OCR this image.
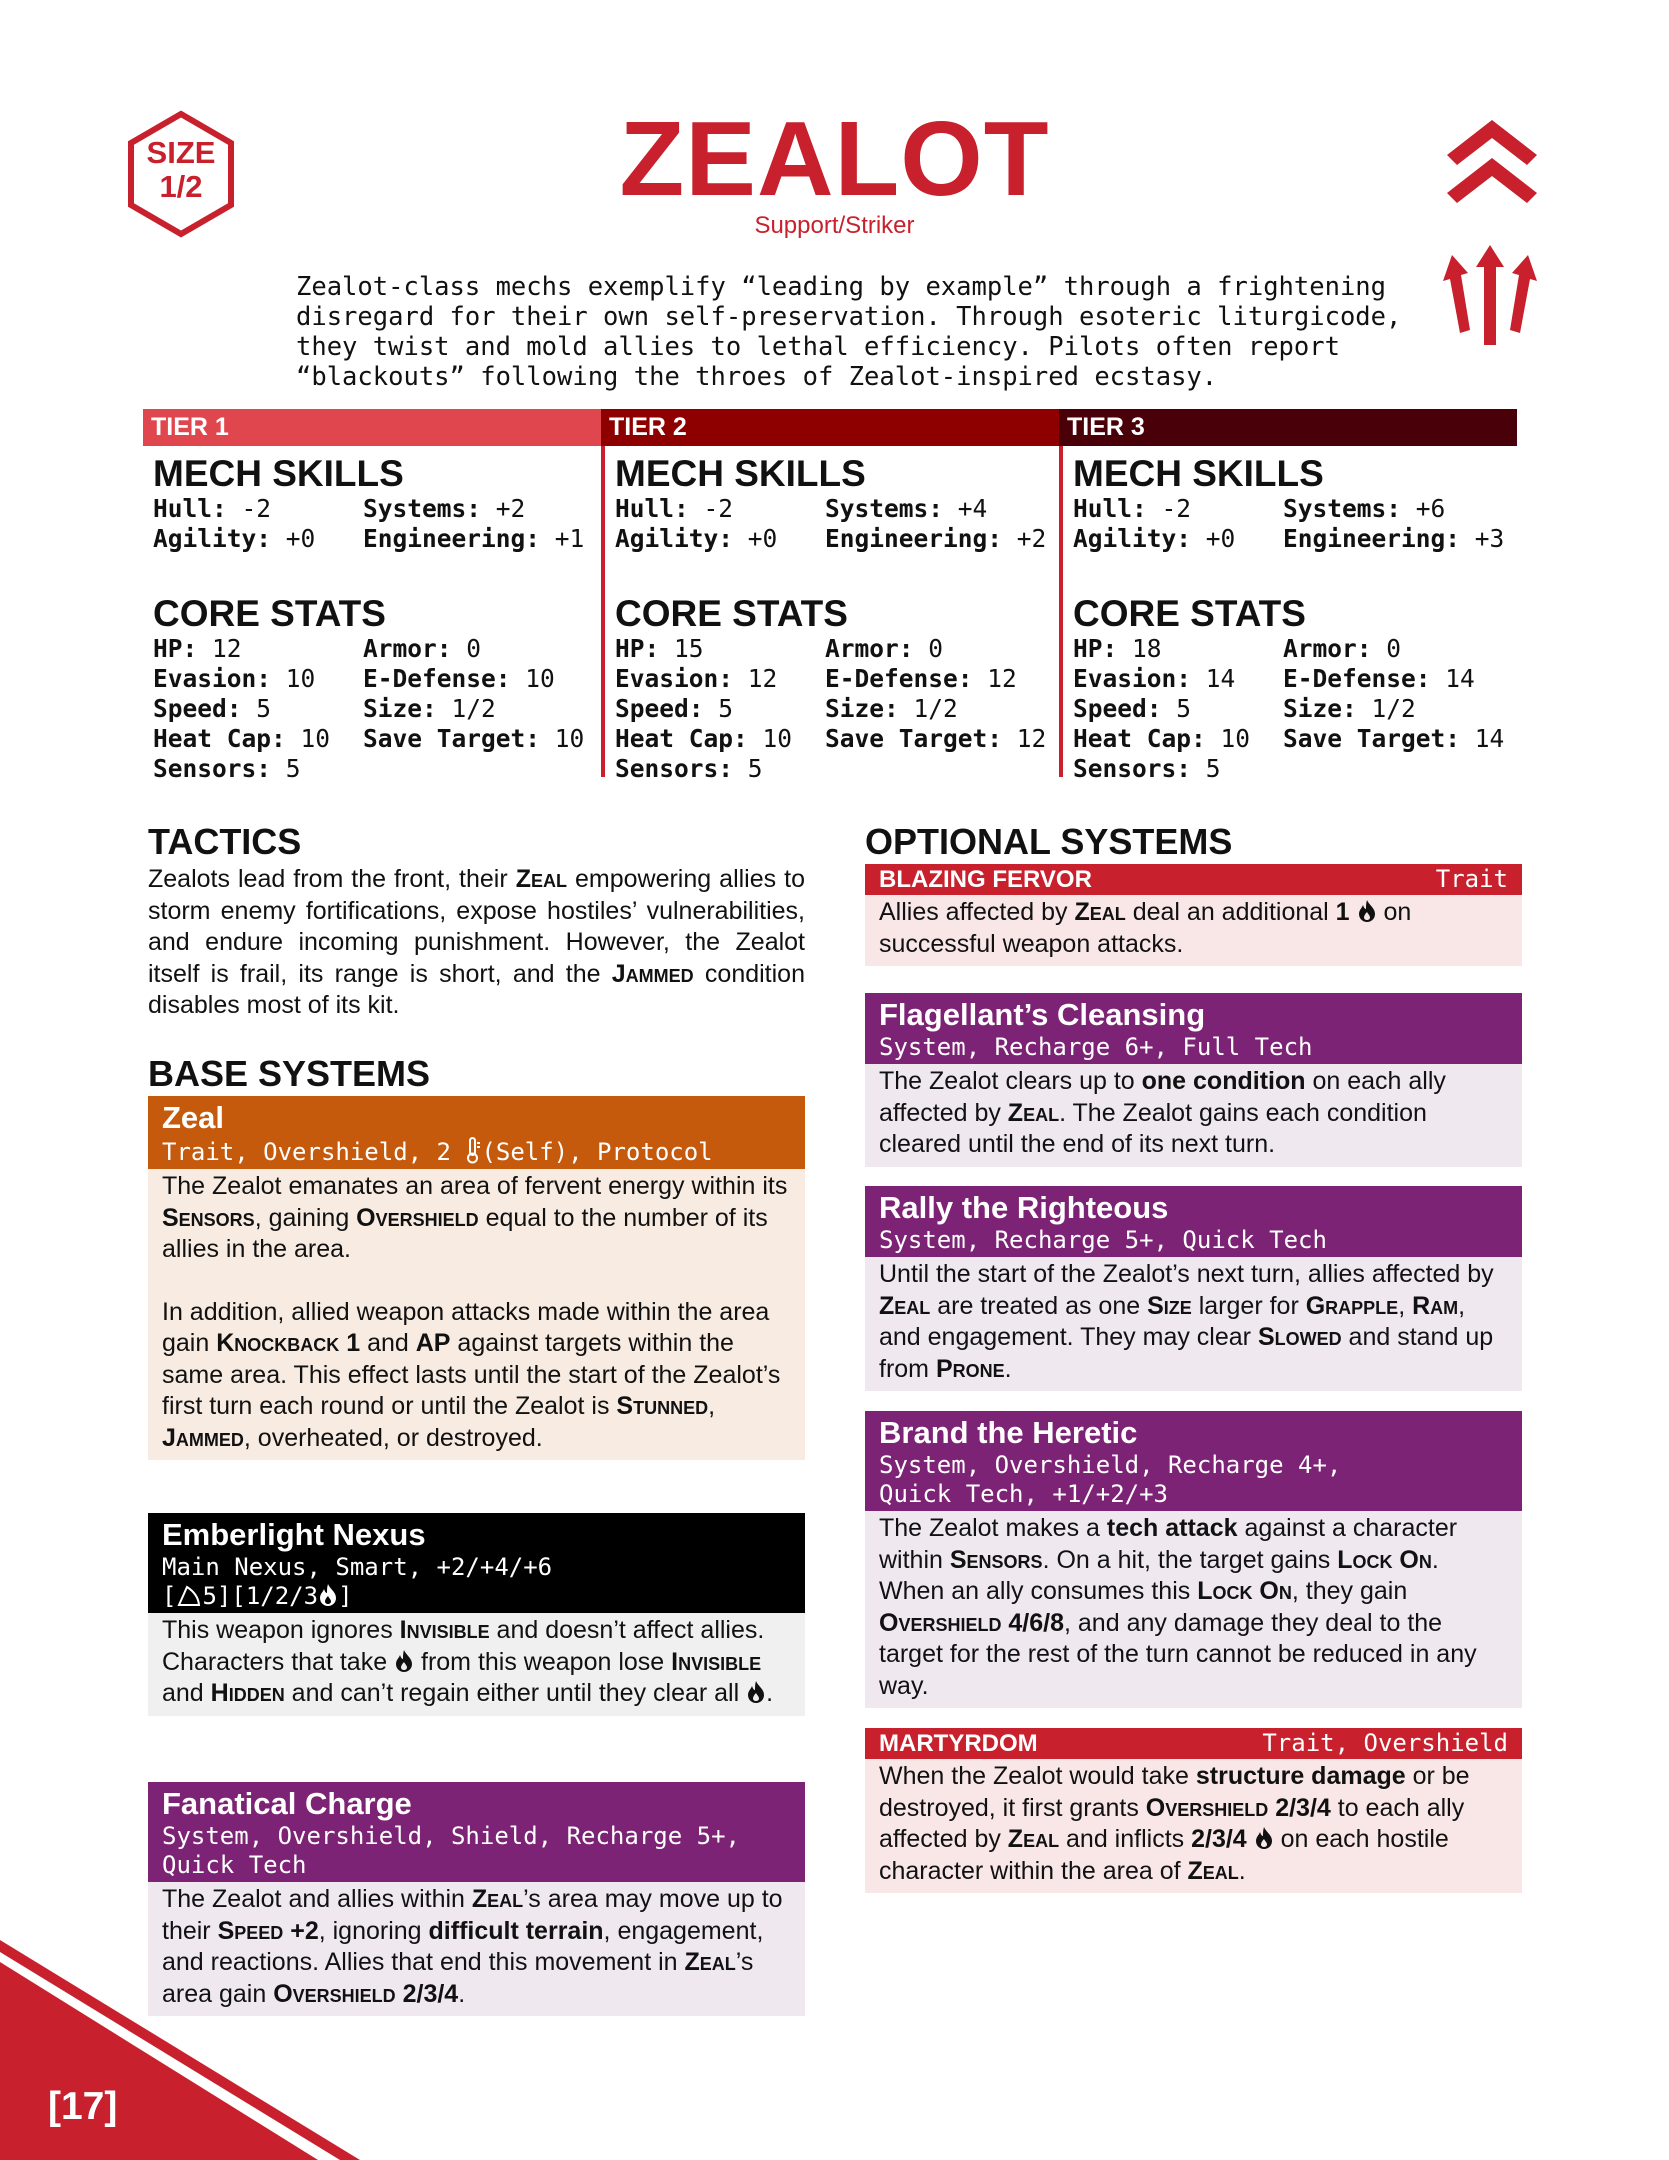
SIZE
1/2	ZEALOT
Support/Striker
Zealot-class mechs exemplify “leading by example” through a frightening
disregard for their own self-preservation. Through esoteric liturgicode,
they twist and mold allies to lethal efficiency. Pilots often report
“blackouts” following the throes of Zealot-inspired ecstasy.
TIER 1
MECH SKILLS
Hull: -2	Systems: +2
Agility: +0	Engineering: +1
CORE STATS
HP: 12	Armor: 0
Evasion: 10	E-Defense: 10
Speed: 5	Size: 1/2
Heat Cap: 10	Save Target: 10
Sensors: 5
TIER 2
MECH SKILLS
Hull: -2	Systems: +4
Agility: +0	Engineering: +2
CORE STATS
HP: 15	Armor: 0
Evasion: 12	E-Defense: 12
Speed: 5	Size: 1/2
Heat Cap: 10	Save Target: 12
Sensors: 5
TIER 3
MECH SKILLS
Hull: -2	Systems: +6
Agility: +0	Engineering: +3
CORE STATS
HP: 18	Armor: 0
Evasion: 14	E-Defense: 14
Speed: 5	Size: 1/2
Heat Cap: 10	Save Target: 14
Sensors: 5
TACTICS
Zealots lead from the front, their Zeal empowering allies to storm enemy fortifications, expose hostiles’ vulnerabilities, and endure incoming punishment. However, the Zealot itself is frail, its range is short, and the Jammed condition disables most of its kit.
BASE SYSTEMS
Zeal
Trait, Overshield, 2 (Self), Protocol

The Zealot emanates an area of fervent energy within its Sensors, gaining Overshield equal to the number of its allies in the area.

In addition, allied weapon attacks made within the area gain Knockback 1 and AP against targets within the same area. This effect lasts until the start of the Zealot’s first turn each round or until the Zealot is Stunned, Jammed, overheated, or destroyed.

Emberlight Nexus
Main Nexus, Smart, +2/+4/+6
[ 5][1/2/3 ]
This weapon ignores Invisible and doesn’t affect allies. Characters that take  from this weapon lose Invisible and Hidden and can’t regain either until they clear all .
Fanatical Charge
System, Overshield, Shield, Recharge 5+, Quick Tech
The Zealot and allies within Zeal’s area may move up to their Speed +2, ignoring difficult terrain, engagement, and reactions. Allies that end this movement in Zeal’s area gain Overshield 2/3/4.
OPTIONAL SYSTEMS
BLAZING FERVOR	Trait
Allies affected by Zeal deal an additional 1  on successful weapon attacks.
Flagellant’s Cleansing
System, Recharge 6+, Full Tech
The Zealot clears up to one condition on each ally affected by Zeal. The Zealot gains each condition cleared until the end of its next turn.
Rally the Righteous
System, Recharge 5+, Quick Tech
Until the start of the Zealot’s next turn, allies affected by Zeal are treated as one Size larger for Grapple, Ram, and engagement. They may clear Slowed and stand up from Prone.
Brand the Heretic
System, Overshield, Recharge 4+,
Quick Tech, +1/+2/+3
The Zealot makes a tech attack against a character within Sensors. On a hit, the target gains Lock On. When an ally consumes this Lock On, they gain Overshield 4/6/8, and any damage they deal to the target for the rest of the turn cannot be reduced in any way.
MARTYRDOM	Trait, Overshield
When the Zealot would take structure damage or be destroyed, it first grants Overshield 2/3/4 to each ally affected by Zeal and inflicts 2/3/4  on each hostile character within the area of Zeal.
[17]
